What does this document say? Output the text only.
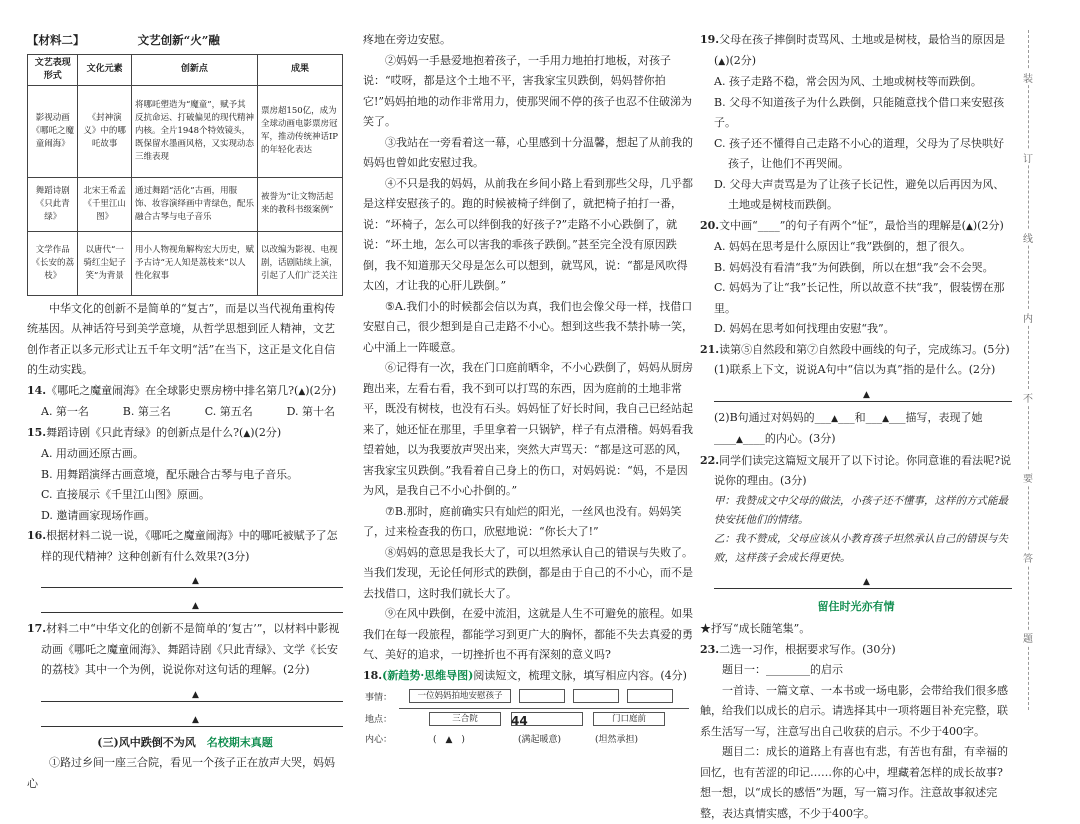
【材料二】	文艺创新“火”融
文艺表现形式	文化元素	创新点	成果
影视动画《哪吒之魔童闹海》	《封神演义》中的哪吒故事	将哪吒塑造为“魔童”，赋予其反抗命运、打破偏见的现代精神内核。全片1948个特效镜头，既保留水墨画风格，又实现动态三维表现	票房超150亿，成为全球动画电影票房冠军，推动传统神话IP的年轻化表达
舞蹈诗剧《只此青绿》	北宋王希孟《千里江山图》	通过舞蹈“活化”古画，用服饰、妆容演绎画中青绿色，配乐融合古琴与电子音乐	被誉为“让文物活起来的教科书级案例”
文学作品《长安的荔枝》	以唐代“一骑红尘妃子笑”为背景	用小人物视角解构宏大历史，赋予古诗“无人知是荔枝来”以人性化叙事	以改编为影视、电视剧，话剧陆续上演，引起了人们广泛关注

中华文化的创新不是简单的“复古”，而是以当代视角重构传统基因。从神话符号到美学意境，从哲学思想到匠人精神，文艺创作者正以多元形式让五千年文明“活”在当下，这正是文化自信的生动实践。

14.《哪吒之魔童闹海》在全球影史票房榜中排名第几?(▲)(2分)

A. 第一名	B. 第三名	C. 第五名	D. 第十名

15.舞蹈诗剧《只此青绿》的创新点是什么?(▲)(2分)

A. 用动画还原古画。

B. 用舞蹈演绎古画意境，配乐融合古琴与电子音乐。

C. 直接展示《千里江山图》原画。

D. 邀请画家现场作画。

16.根据材料二说一说，《哪吒之魔童闹海》中的哪吒被赋予了怎样的现代精神？这种创新有什么效果?(3分)

▲
▲

17.材料二中“中华文化的创新不是简单的‘复古’”，以材料中影视动画《哪吒之魔童闹海》、舞蹈诗剧《只此青绿》、文学《长安的荔枝》其中一个为例，说说你对这句话的理解。(2分)

▲
▲

(三)风中跌倒不为风　 名校期末真题

①路过乡间一座三合院，看见一个孩子正在放声大哭，妈妈心

疼地在旁边安慰。

②妈妈一手悬爱地抱着孩子，一手用力地拍打地板，对孩子说：“哎呀，都是这个土地不平，害我家宝贝跌倒，妈妈替你拍它!”妈妈拍地的动作非常用力，使那哭闹不停的孩子也忍不住破涕为笑了。

③我站在一旁看着这一幕，心里感到十分温馨，想起了从前我的妈妈也曾如此安慰过我。

④不只是我的妈妈，从前我在乡间小路上看到那些父母，几乎都是这样安慰孩子的。跑的时候被椅子绊倒了，就把椅子拍打一番，说：“坏椅子，怎么可以绊倒我的好孩子?”走路不小心跌倒了，就说：“坏土地，怎么可以害我的乖孩子跌倒。”甚至完全没有原因跌倒，我不知道那天父母是怎么可以想到，就骂风，说：“都是风吹得太凶，才让我的心肝儿跌倒。”

⑤A.我们小的时候都会信以为真，我们也会像父母一样，找借口安慰自己，很少想到是自己走路不小心。想到这些我不禁扑哧一笑，心中涌上一阵暖意。

⑥记得有一次，我在门口庭前晒伞，不小心跌倒了，妈妈从厨房跑出来，左看右看，我不到可以打骂的东西，因为庭前的土地非常平，既没有树枝，也没有石头。妈妈怔了好长时间，我自己已经站起来了，她还怔在那里，手里拿着一只锅铲，样子有点滑稽。妈妈看我望着她，以为我要放声哭出来，突然大声骂天：“都是这可恶的风，害我家宝贝跌倒。”我看着自己身上的伤口，对妈妈说：“妈，不是因为风，是我自己不小心扑倒的。”

⑦B.那时，庭前确实只有灿烂的阳光，一丝风也没有。妈妈笑了，过来检查我的伤口，欣慰地说：“你长大了!”

⑧妈妈的意思是我长大了，可以坦然承认自己的错误与失败了。当我们发现，无论任何形式的跌倒，都是由于自己的不小心，而不是去找借口，这时我们就长大了。

⑨在风中跌倒，在爱中流泪，这就是人生不可避免的旅程。如果我们在每一段旅程，都能学习到更广大的胸怀，都能不失去真爱的勇气、美好的追求，一切挫折也不再有深刻的意义吗?

18.(新趋势·思维导图)阅读短文，梳理文脉，填写相应内容。(4分)

事情：	一位妈妈拍地安慰孩子
地点：	三合院	门口庭前
内心：	(　▲　)	(满起暖意)	(坦然承担)

19.父母在孩子摔倒时责骂风、土地或是树枝，最恰当的原因是(▲)(2分)

A. 孩子走路不稳，常会因为风、土地或树枝等而跌倒。

B. 父母不知道孩子为什么跌倒，只能随意找个借口来安慰孩子。

C. 孩子还不懂得自己走路不小心的道理，父母为了尽快哄好孩子，让他们不再哭闹。

D. 父母大声责骂是为了让孩子长记性，避免以后再因为风、土地或是树枝而跌倒。

20.文中画“____”的句子有两个“怔”，最恰当的理解是(▲)(2分)

A. 妈妈在思考是什么原因让“我”跌倒的，想了很久。

B. 妈妈没有看清“我”为何跌倒，所以在想“我”会不会哭。

C. 妈妈为了让“我”长记性，所以故意不扶“我”，假装愣在那里。

D. 妈妈在思考如何找理由安慰“我”。

21.读第⑤自然段和第⑦自然段中画线的句子，完成练习。(5分)

(1)联系上下文，说说A句中“信以为真”指的是什么。(2分)

▲

(2)B句通过对妈妈的___▲___和___▲___描写，表现了她

____▲____的内心。(3分)

22.同学们读完这篇短文展开了以下讨论。你同意谁的看法呢?说说你的理由。(3分)

甲：我赞成文中父母的做法，小孩子还不懂事，这样的方式能最快安抚他们的情绪。

乙：我不赞成，父母应该从小教育孩子坦然承认自己的错误与失败，这样孩子会成长得更快。

▲

留住时光亦有情

★抒写“成长随笔集”。

23.二选一习作，根据要求写作。(30分)

题目一：________的启示

一首诗、一篇文章、一本书或一场电影，会带给我们很多感触，给我们以成长的启示。请选择其中一项将题目补充完整，联系生活写一写，注意写出自己收获的启示。不少于400字。

题目二：成长的道路上有喜也有悲，有苦也有甜，有幸福的回忆，也有苦涩的印记……你的心中，埋藏着怎样的成长故事?想一想，以“成长的感悟”为题，写一篇习作。注意故事叙述完整，表达真情实感，不少于400字。

44
装
订
线
内
不
要
答
题
